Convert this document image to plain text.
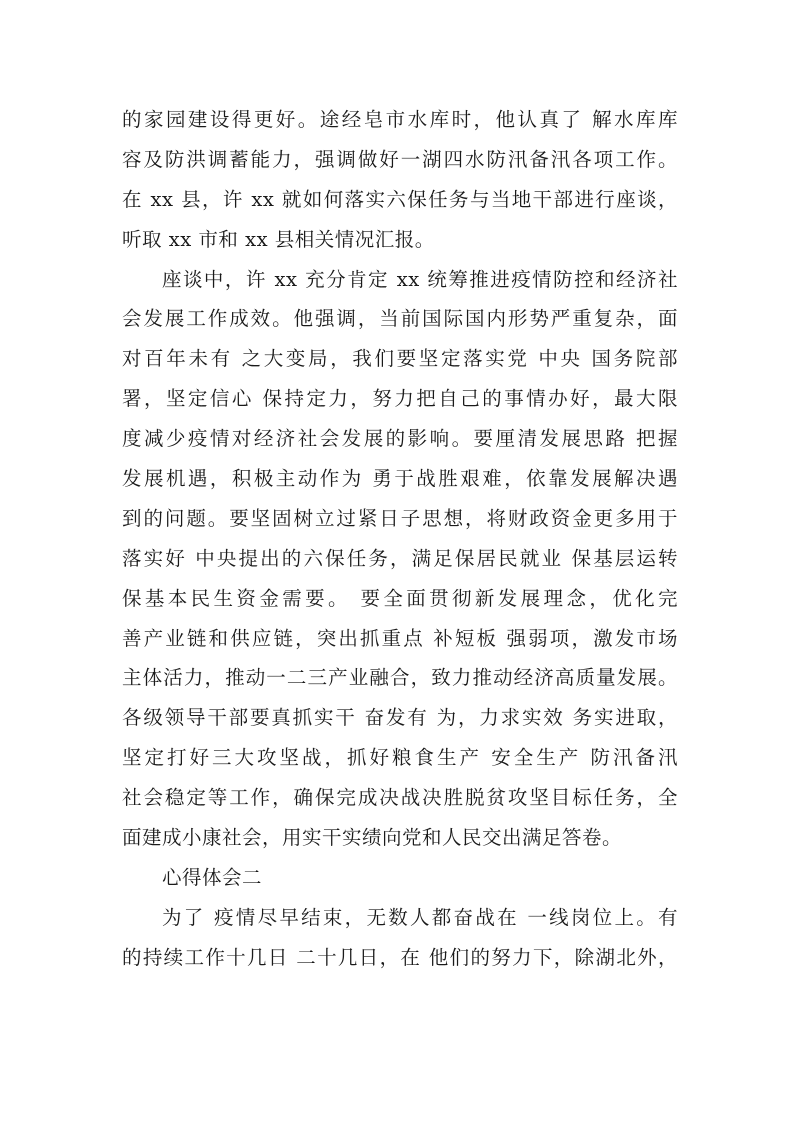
的家园建设得更好。途经皂市水库时，他认真了 解水库库
容及防洪调蓄能力，强调做好一湖四水防汛备汛各项工作。
在 xx 县，许 xx 就如何落实六保任务与当地干部进行座谈，
听取 xx 市和 xx 县相关情况汇报。
座谈中，许 xx 充分肯定 xx 统筹推进疫情防控和经济社
会发展工作成效。他强调，当前国际国内形势严重复杂，面
对百年未有 之大变局，我们要坚定落实党 中央 国务院部
署，坚定信心 保持定力，努力把自己的事情办好，最大限
度减少疫情对经济社会发展的影响。要厘清发展思路 把握
发展机遇，积极主动作为 勇于战胜艰难，依靠发展解决遇
到的问题。要坚固树立过紧日子思想，将财政资金更多用于
落实好 中央提出的六保任务，满足保居民就业 保基层运转
保基本民生资金需要。 要全面贯彻新发展理念，优化完
善产业链和供应链，突出抓重点 补短板 强弱项，激发市场
主体活力，推动一二三产业融合，致力推动经济高质量发展。
各级领导干部要真抓实干 奋发有 为，力求实效 务实进取，
坚定打好三大攻坚战，抓好粮食生产 安全生产 防汛备汛
社会稳定等工作，确保完成决战决胜脱贫攻坚目标任务，全
面建成小康社会，用实干实绩向党和人民交出满足答卷。
心得体会二
为了 疫情尽早结束，无数人都奋战在 一线岗位上。有
的持续工作十几日 二十几日，在 他们的努力下，除湖北外，
